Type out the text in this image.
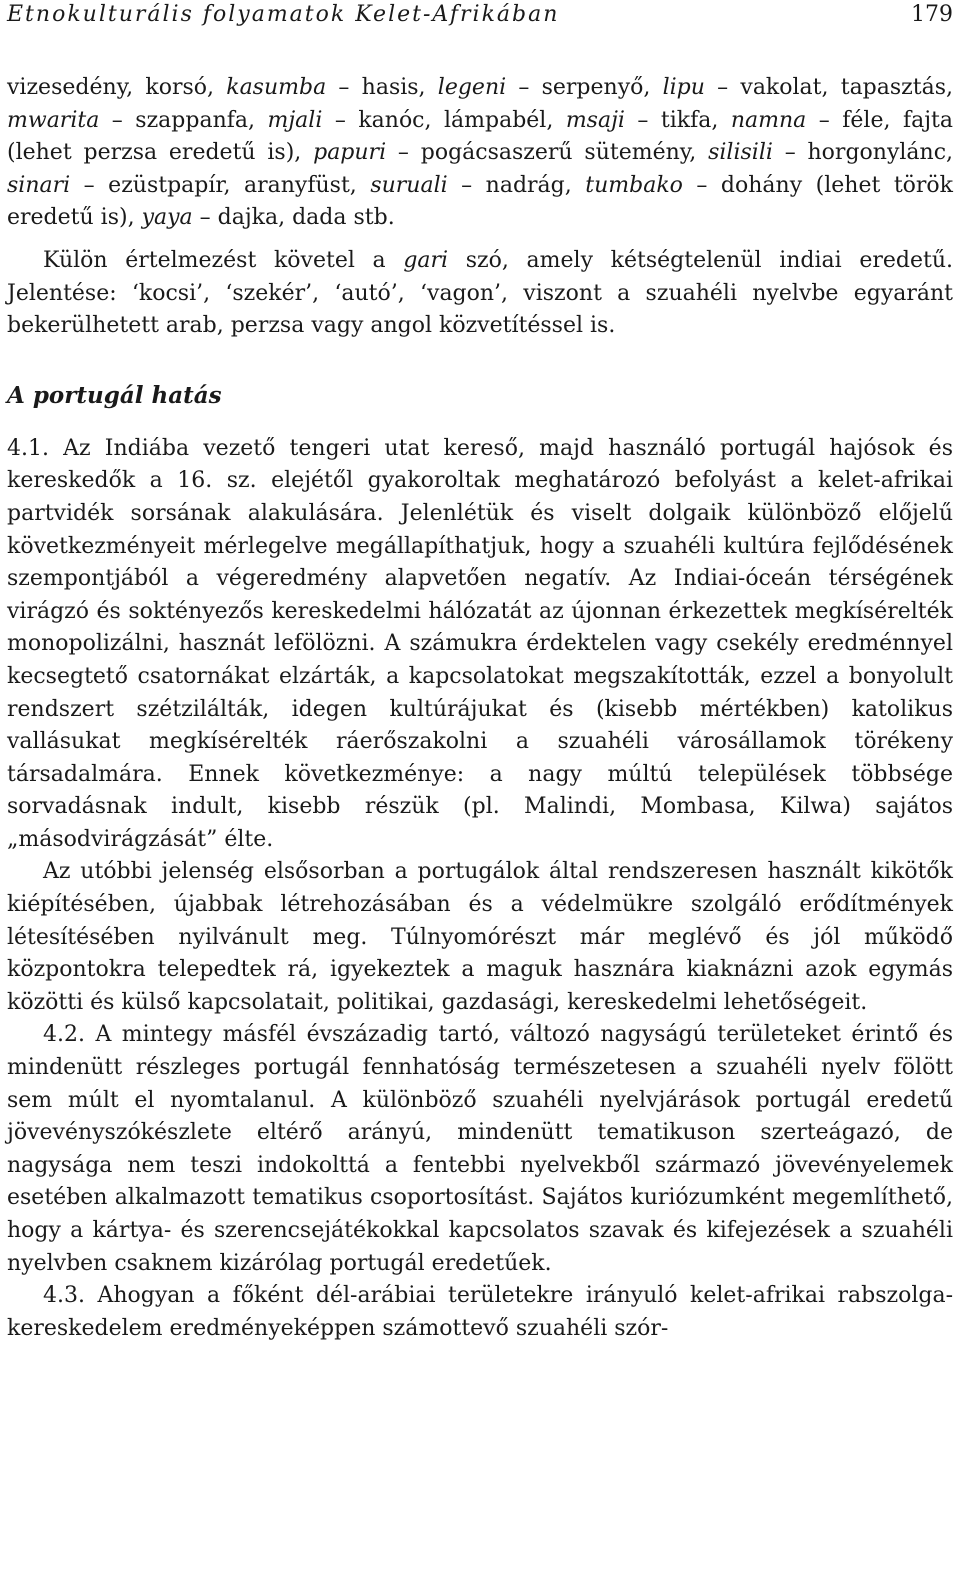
Etnokulturális folyamatok Kelet-Afrikában	179

vizesedény, korsó, kasumba – hasis, legeni – serpenyő, lipu – vakolat, tapasztás, mwarita – szappanfa, mjali – kanóc, lámpabél, msaji – tikfa, namna – féle, fajta (lehet perzsa eredetű is), papuri – pogácsaszerű sütemény, silisili – horgonylánc, sinari – ezüstpapír, aranyfüst, suruali – nadrág, tumbako – dohány (lehet török eredetű is), yaya – dajka, dada stb.

Külön értelmezést követel a gari szó, amely kétségtelenül indiai eredetű. Jelentése: ‘kocsi’, ‘szekér’, ‘autó’, ‘vagon’, viszont a szuahéli nyelvbe egyaránt bekerülhetett arab, perzsa vagy angol közvetítéssel is.

A portugál hatás

4.1. Az Indiába vezető tengeri utat kereső, majd használó portugál hajósok és kereskedők a 16. sz. elejétől gyakoroltak meghatározó befolyást a kelet-afrikai partvidék sorsának alakulására. Jelenlétük és viselt dolgaik különböző előjelű következményeit mérlegelve megállapíthatjuk, hogy a szuahéli kultúra fejlődésének szempontjából a végeredmény alapvetően negatív. Az Indiai-óceán térségének virágzó és soktényezős kereskedelmi hálózatát az újonnan érkezettek megkísérelték monopolizálni, hasznát lefölözni. A számukra érdektelen vagy csekély eredménnyel kecsegtető csatornákat elzárták, a kapcsolatokat megszakították, ezzel a bonyolult rendszert szétzilálták, idegen kultúrájukat és (kisebb mértékben) katolikus vallásukat megkísérelték ráerőszakolni a szuahéli városállamok törékeny társadalmára. Ennek következménye: a nagy múltú települések többsége sorvadásnak indult, kisebb részük (pl. Malindi, Mombasa, Kilwa) sajátos „másodvirágzását” élte.

Az utóbbi jelenség elsősorban a portugálok által rendszeresen használt kikötők kiépítésében, újabbak létrehozásában és a védelmükre szolgáló erődítmények létesítésében nyilvánult meg. Túlnyomórészt már meglévő és jól működő központokra telepedtek rá, igyekeztek a maguk hasznára kiaknázni azok egymás közötti és külső kapcsolatait, politikai, gazdasági, kereskedelmi lehetőségeit.

4.2. A mintegy másfél évszázadig tartó, változó nagyságú területeket érintő és mindenütt részleges portugál fennhatóság természetesen a szuahéli nyelv fölött sem múlt el nyomtalanul. A különböző szuahéli nyelvjárások portugál eredetű jövevényszókészlete eltérő arányú, mindenütt tematikuson szerteágazó, de nagysága nem teszi indokolttá a fentebbi nyelvekből származó jövevényelemek esetében alkalmazott tematikus csoportosítást. Sajátos kuriózumként megemlíthető, hogy a kártya- és szerencsejátékokkal kapcsolatos szavak és kifejezések a szuahéli nyelvben csaknem kizárólag portugál eredetűek.

4.3. Ahogyan a főként dél-arábiai területekre irányuló kelet-afrikai rabszolga-kereskedelem eredményeképpen számottevő szuahéli szór-
